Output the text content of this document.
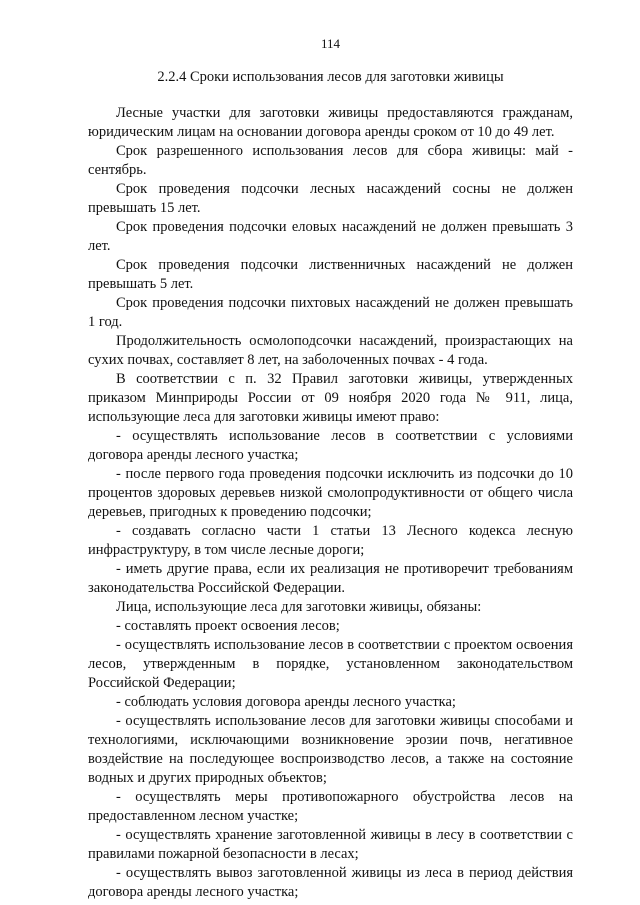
114
2.2.4 Сроки использования лесов для заготовки живицы

Лесные участки для заготовки живицы предоставляются гражданам, юридическим лицам на основании договора аренды сроком от 10 до 49 лет.

Срок разрешенного использования лесов для сбора живицы: май - сентябрь.

Срок проведения подсочки лесных насаждений сосны не должен превышать 15 лет.

Срок проведения подсочки еловых насаждений не должен превышать 3 лет.

Срок проведения подсочки лиственничных насаждений не должен превышать 5 лет.

Срок проведения подсочки пихтовых насаждений не должен превышать 1 год.

Продолжительность осмолоподсочки насаждений, произрастающих на сухих почвах, составляет 8 лет, на заболоченных почвах - 4 года.

В соответствии с п. 32 Правил заготовки живицы, утвержденных приказом Минприроды России от 09 ноября 2020 года № 911, лица, использующие леса для заготовки живицы имеют право:

- осуществлять использование лесов в соответствии с условиями договора аренды лесного участка;

- после первого года проведения подсочки исключить из подсочки до 10 процентов здоровых деревьев низкой смолопродуктивности от общего числа деревьев, пригодных к проведению подсочки;

- создавать согласно части 1 статьи 13 Лесного кодекса лесную инфраструктуру, в том числе лесные дороги;

- иметь другие права, если их реализация не противоречит требованиям законодательства Российской Федерации.

Лица, использующие леса для заготовки живицы, обязаны:

- составлять проект освоения лесов;

- осуществлять использование лесов в соответствии с проектом освоения лесов, утвержденным в порядке, установленном законодательством Российской Федерации;

- соблюдать условия договора аренды лесного участка;

- осуществлять использование лесов для заготовки живицы способами и технологиями, исключающими возникновение эрозии почв, негативное воздействие на последующее воспроизводство лесов, а также на состояние водных и других природных объектов;

- осуществлять меры противопожарного обустройства лесов на предоставленном лесном участке;

- осуществлять хранение заготовленной живицы в лесу в соответствии с правилами пожарной безопасности в лесах;

- осуществлять вывоз заготовленной живицы из леса в период действия договора аренды лесного участка;
